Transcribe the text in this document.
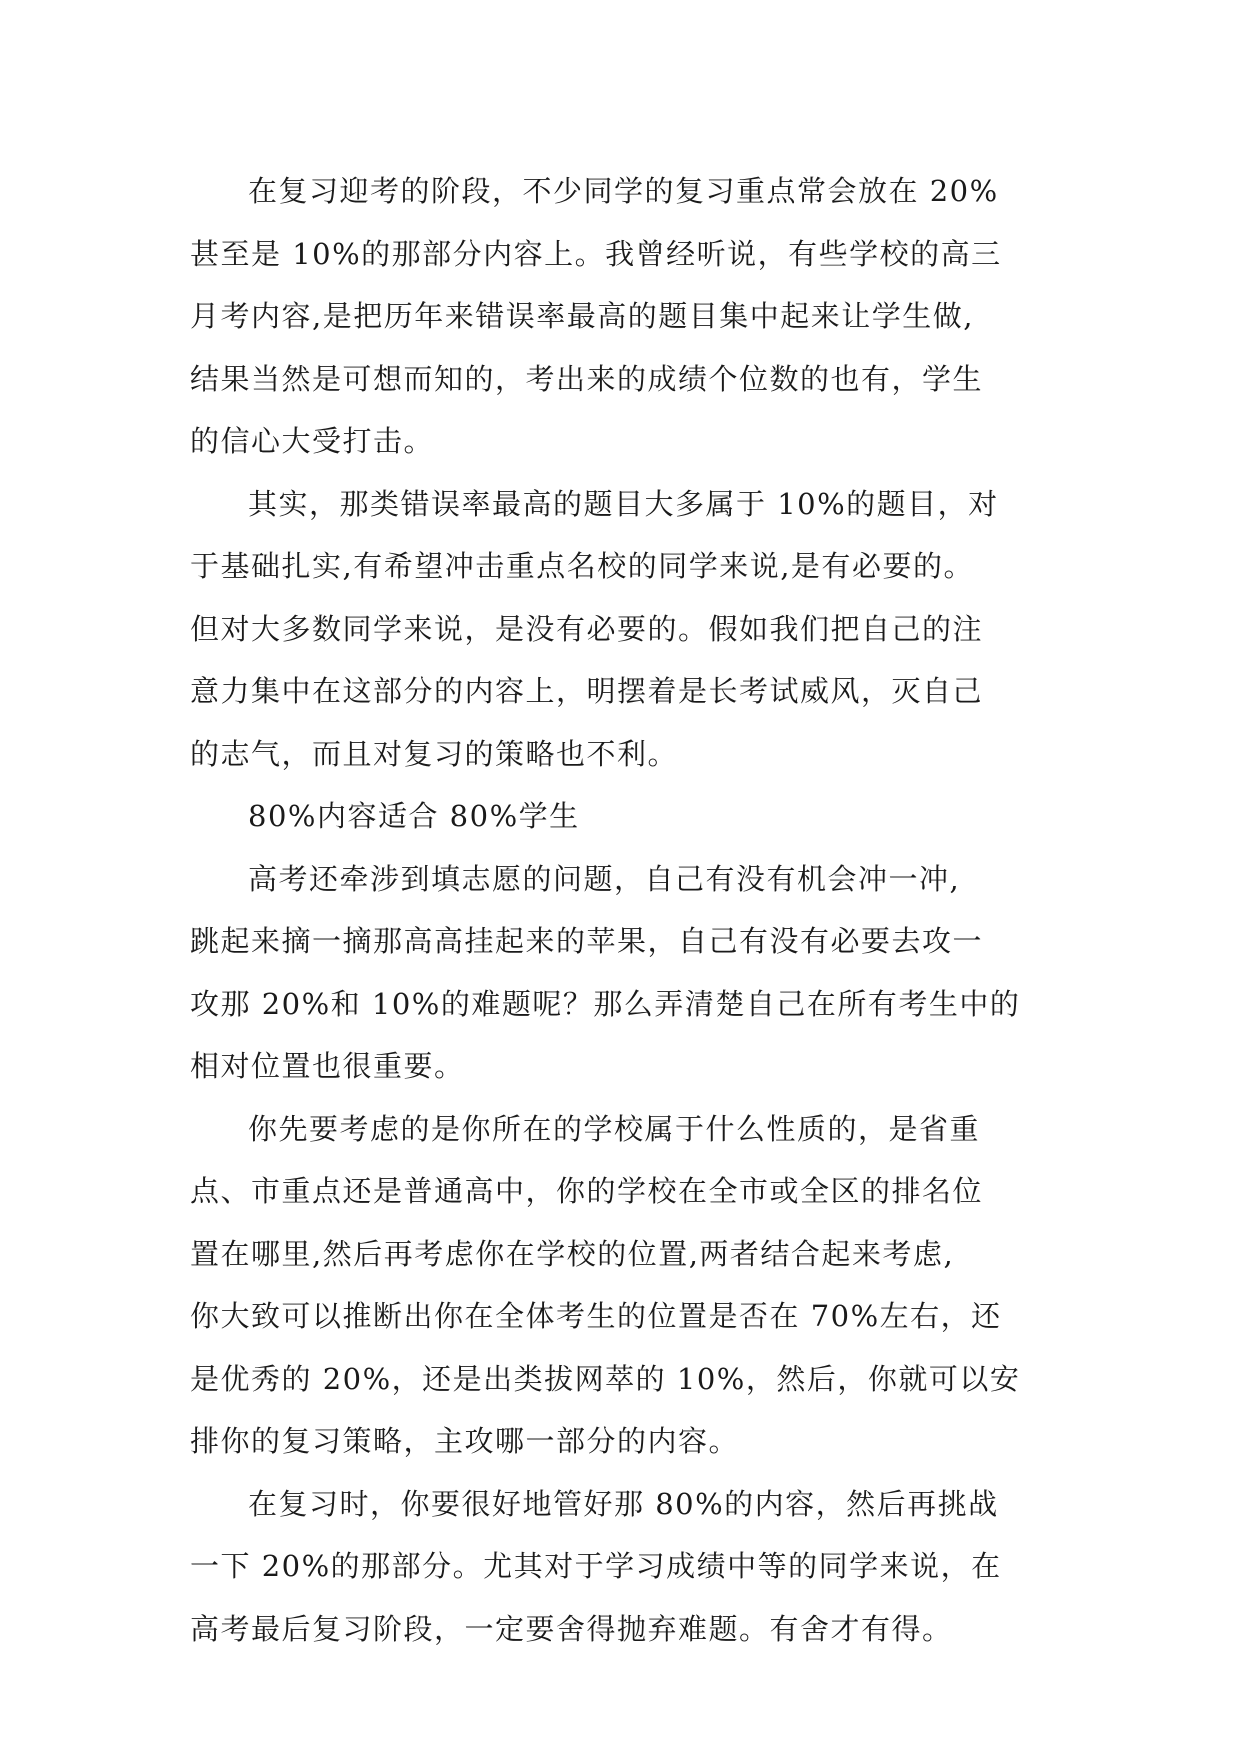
在复习迎考的阶段，不少同学的复习重点常会放在 20%
甚至是 10%的那部分内容上。我曾经听说，有些学校的高三
月考内容,是把历年来错误率最高的题目集中起来让学生做,
结果当然是可想而知的，考出来的成绩个位数的也有，学生
的信心大受打击。

其实，那类错误率最高的题目大多属于 10%的题目，对
于基础扎实,有希望冲击重点名校的同学来说,是有必要的。
但对大多数同学来说，是没有必要的。假如我们把自己的注
意力集中在这部分的内容上，明摆着是长考试威风，灭自己
的志气，而且对复习的策略也不利。

80%内容适合 80%学生

高考还牵涉到填志愿的问题，自己有没有机会冲一冲,
跳起来摘一摘那高高挂起来的苹果，自己有没有必要去攻一
攻那 20%和 10%的难题呢？那么弄清楚自己在所有考生中的
相对位置也很重要。

你先要考虑的是你所在的学校属于什么性质的，是省重
点、市重点还是普通高中，你的学校在全市或全区的排名位
置在哪里,然后再考虑你在学校的位置,两者结合起来考虑,
你大致可以推断出你在全体考生的位置是否在 70%左右，还
是优秀的 20%，还是出类拔网萃的 10%，然后，你就可以安
排你的复习策略，主攻哪一部分的内容。

在复习时，你要很好地管好那 80%的内容，然后再挑战
一下 20%的那部分。尤其对于学习成绩中等的同学来说，在
高考最后复习阶段，一定要舍得抛弃难题。有舍才有得。
